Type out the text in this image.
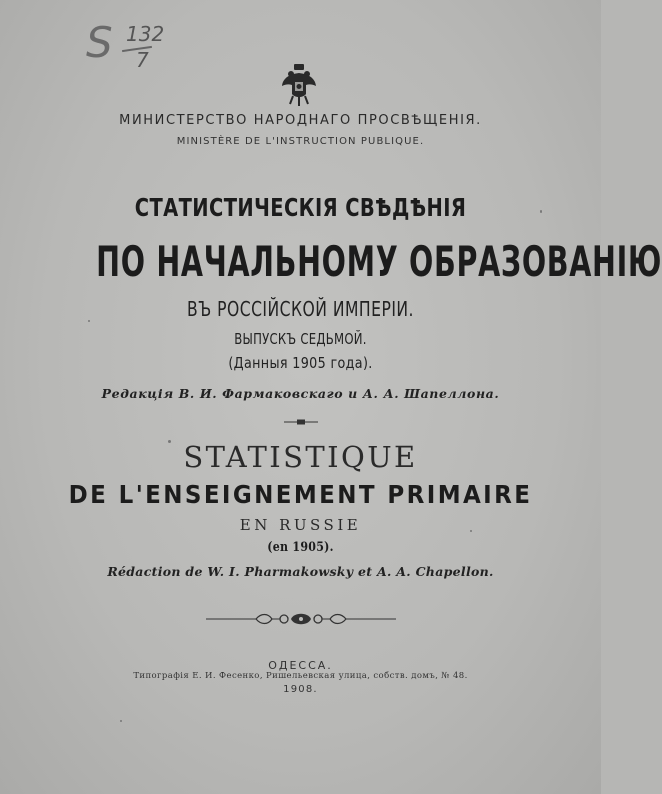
S 132
7
МИНИСТЕРСТВО НАРОДНАГО ПРОСВѢЩЕНІЯ.
MINISTÈRE DE L'INSTRUCTION PUBLIQUE.
СТАТИСТИЧЕСКІЯ СВѢДѢНІЯ
ПО НАЧАЛЬНОМУ ОБРАЗОВАНІЮ
ВЪ РОССІЙСКОЙ ИМПЕРІИ.
ВЫПУСКЪ СЕДЬМОЙ.
(Данныя 1905 года).
Редакція В. И. Фармаковскаго и А. А. Шапеллона.
STATISTIQUE
DE L'ENSEIGNEMENT PRIMAIRE
EN RUSSIE
(en 1905).
Rédaction de W. I. Pharmakowsky et A. A. Chapellon.
ОДЕССА.
Типографія Е. И. Фесенко, Ришельевская улица, собств. домъ, № 48.
1908.
